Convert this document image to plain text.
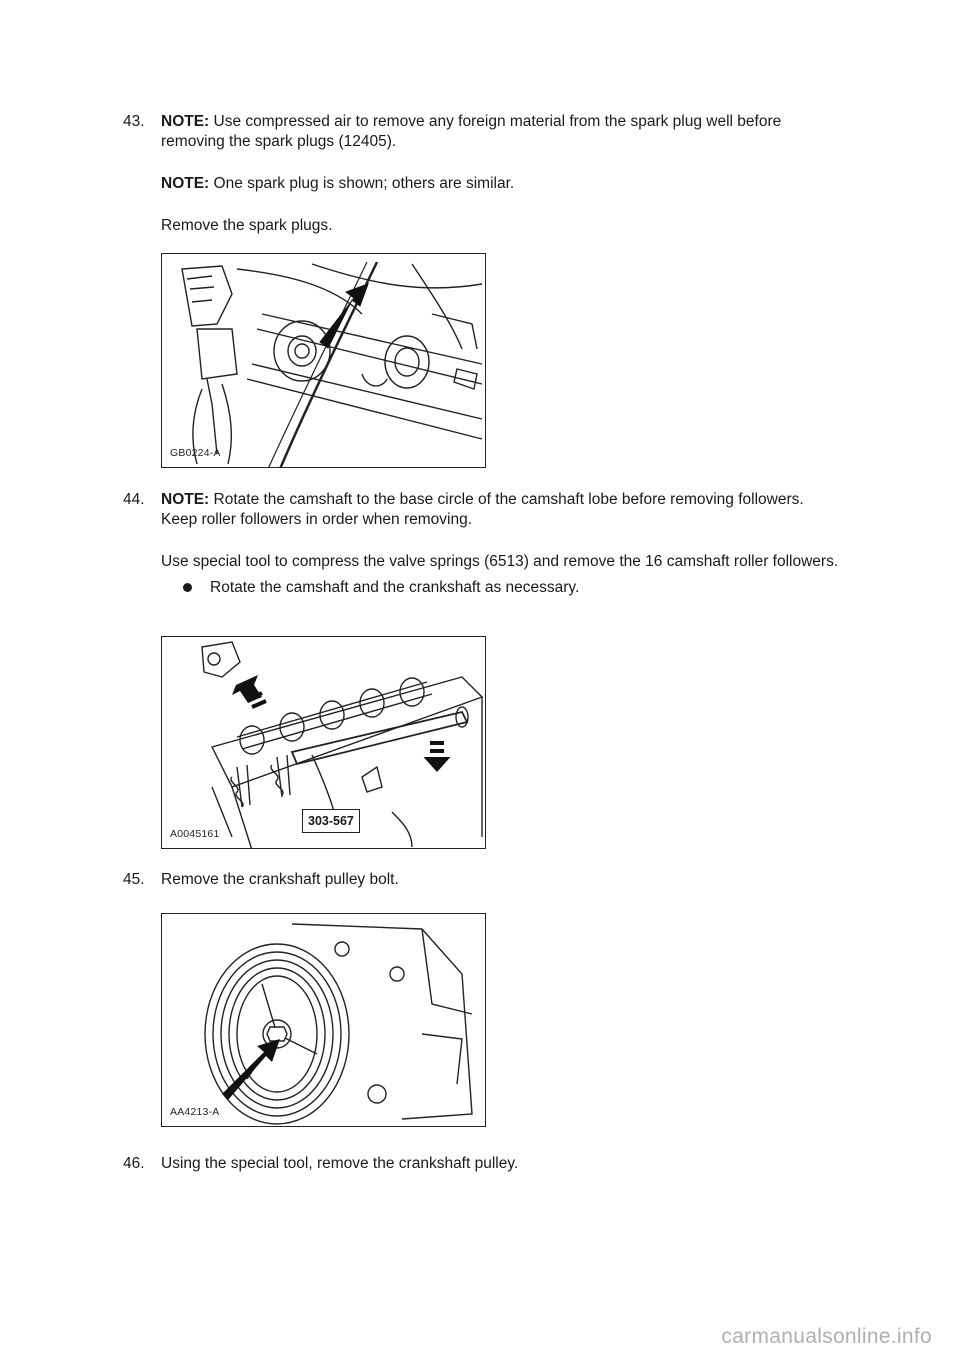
43. NOTE: Use compressed air to remove any foreign material from the spark plug well before removing the spark plugs (12405).

NOTE: One spark plug is shown; others are similar.

Remove the spark plugs.

GB0224-A
44. NOTE: Rotate the camshaft to the base circle of the camshaft lobe before removing followers. Keep roller followers in order when removing.

Use special tool to compress the valve springs (6513) and remove the 16 camshaft roller followers.

Rotate the camshaft and the crankshaft as necessary.
303-567
A0045161
45. Remove the crankshaft pulley bolt.

AA4213-A
46. Using the special tool, remove the crankshaft pulley.

carmanualsonline.info
